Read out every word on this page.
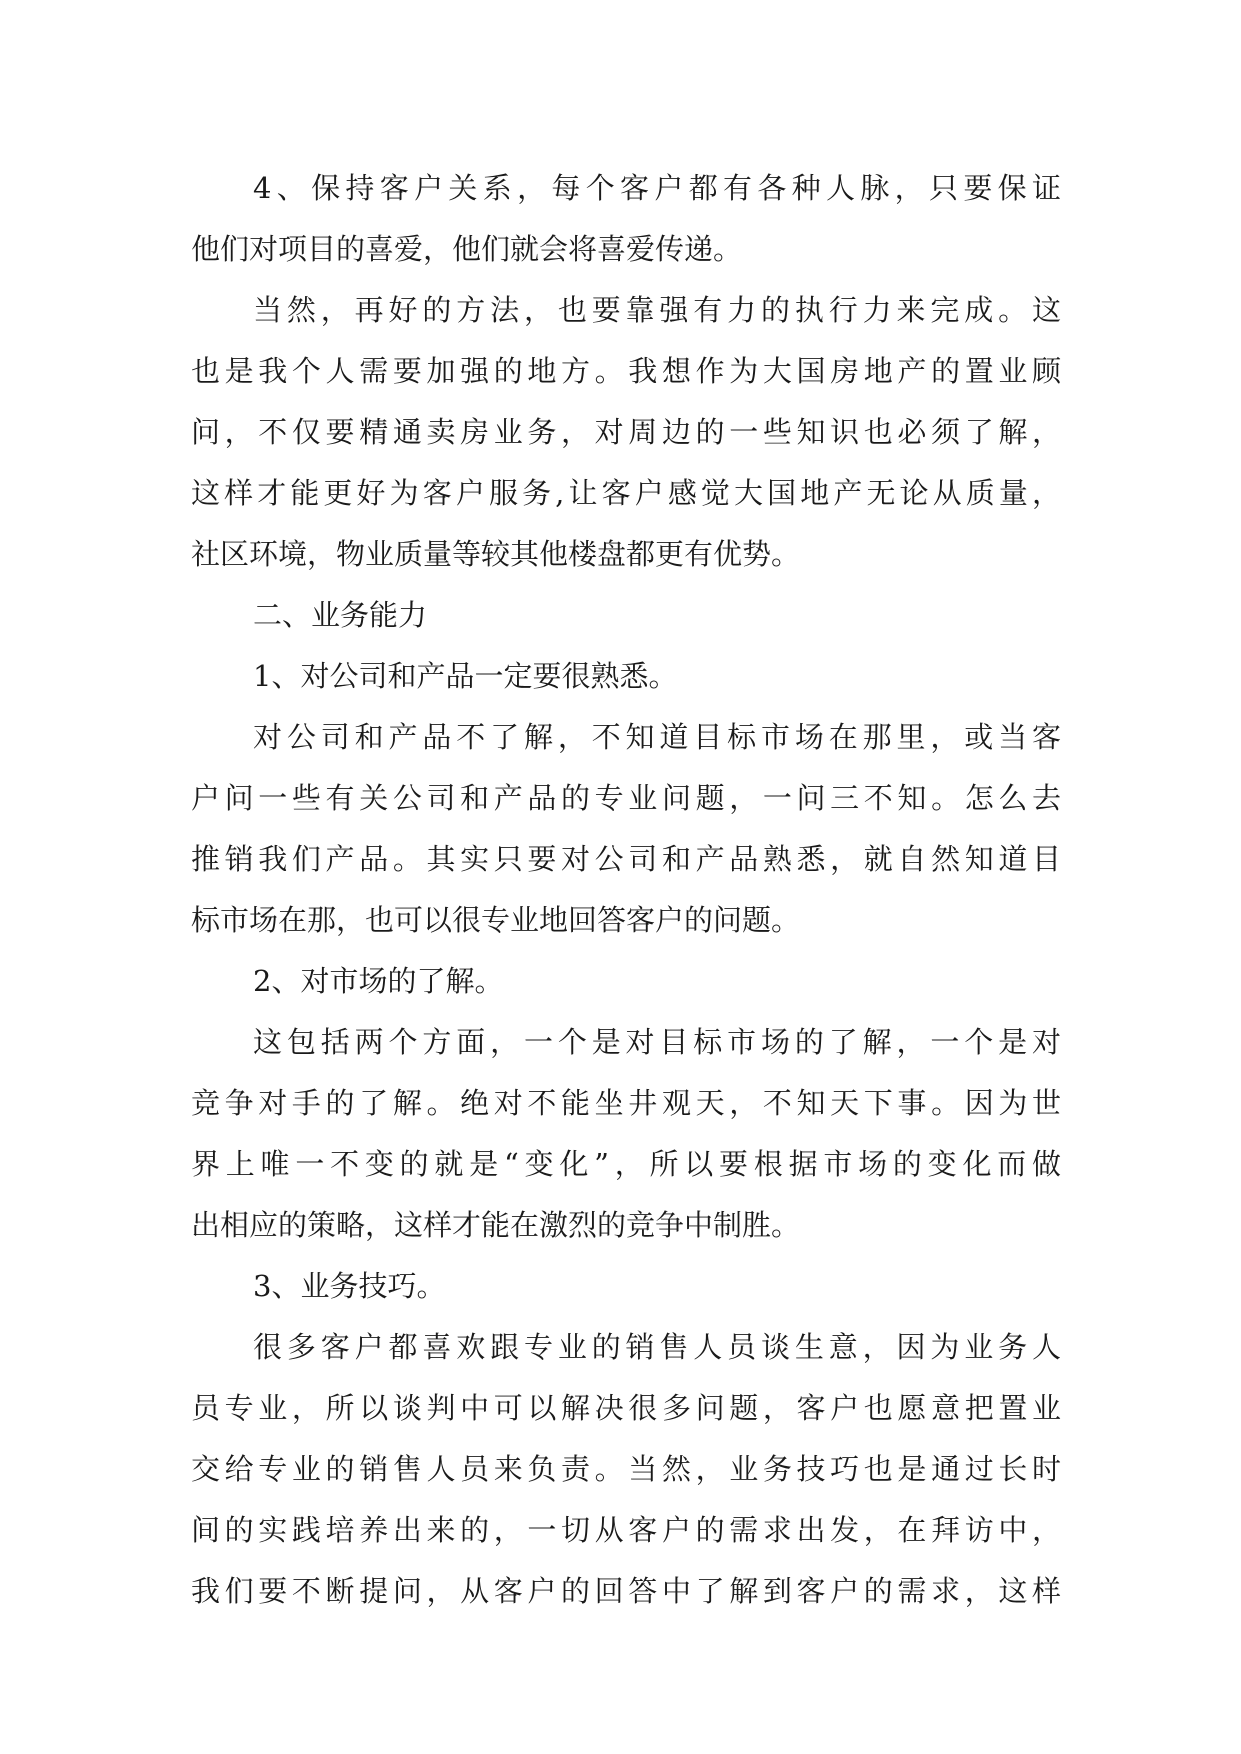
4、保持客户关系，每个客户都有各种人脉，只要保证
他们对项目的喜爱，他们就会将喜爱传递。
当然，再好的方法，也要靠强有力的执行力来完成。这
也是我个人需要加强的地方。我想作为大国房地产的置业顾
问，不仅要精通卖房业务，对周边的一些知识也必须了解，
这样才能更好为客户服务,让客户感觉大国地产无论从质量，
社区环境，物业质量等较其他楼盘都更有优势。
二、业务能力
1、对公司和产品一定要很熟悉。
对公司和产品不了解，不知道目标市场在那里，或当客
户问一些有关公司和产品的专业问题，一问三不知。怎么去
推销我们产品。其实只要对公司和产品熟悉，就自然知道目
标市场在那，也可以很专业地回答客户的问题。
2、对市场的了解。
这包括两个方面，一个是对目标市场的了解，一个是对
竞争对手的了解。绝对不能坐井观天，不知天下事。因为世
界上唯一不变的就是“变化”，所以要根据市场的变化而做
出相应的策略，这样才能在激烈的竞争中制胜。
3、业务技巧。
很多客户都喜欢跟专业的销售人员谈生意，因为业务人
员专业，所以谈判中可以解决很多问题，客户也愿意把置业
交给专业的销售人员来负责。当然，业务技巧也是通过长时
间的实践培养出来的，一切从客户的需求出发，在拜访中，
我们要不断提问，从客户的回答中了解到客户的需求，这样
